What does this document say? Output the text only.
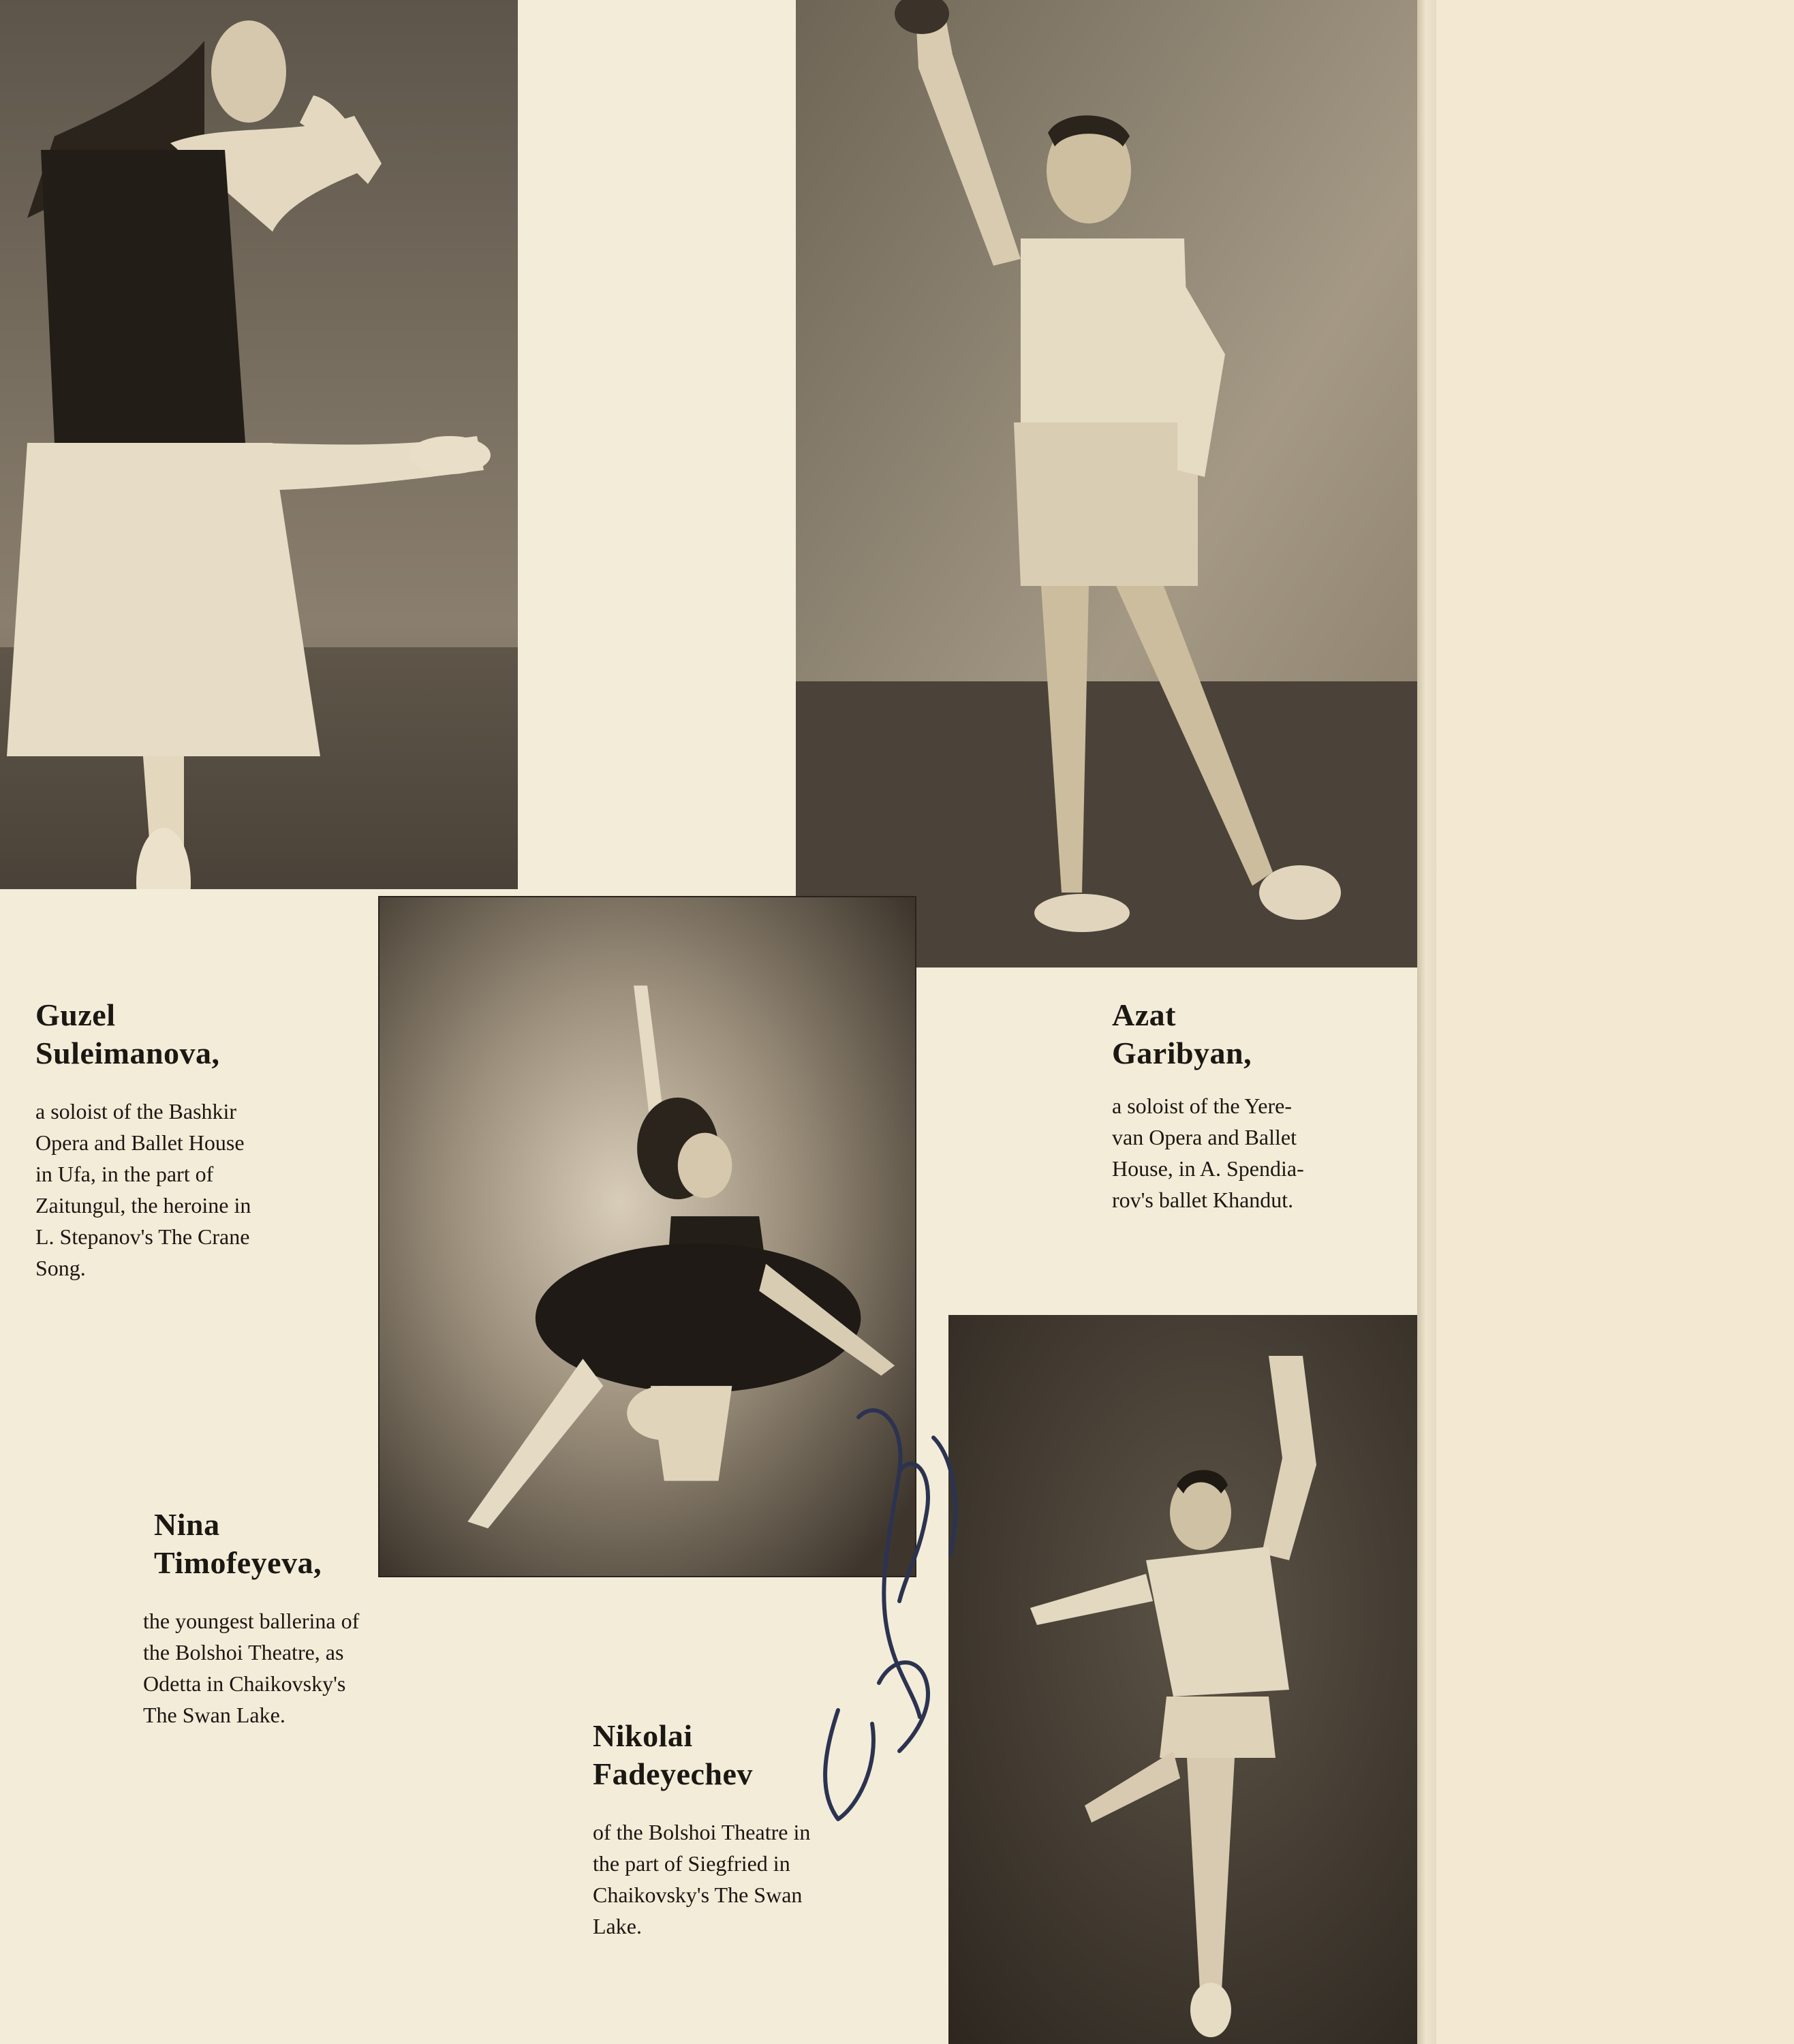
Guzel
Suleimanova,
a soloist of the Bashkir
Opera and Ballet House
in Ufa, in the part of
Zaitungul, the heroine in
L. Stepanov's The Crane
Song.
Azat
Garibyan,
a soloist of the Yere-
van Opera and Ballet
House, in A. Spendia-
rov's ballet Khandut.
Nina
Timofeyeva,
the youngest ballerina of
the Bolshoi Theatre, as
Odetta in Chaikovsky's
The Swan Lake.
Nikolai
Fadeyechev
of the Bolshoi Theatre in
the part of Siegfried in
Chaikovsky's The Swan
Lake.
